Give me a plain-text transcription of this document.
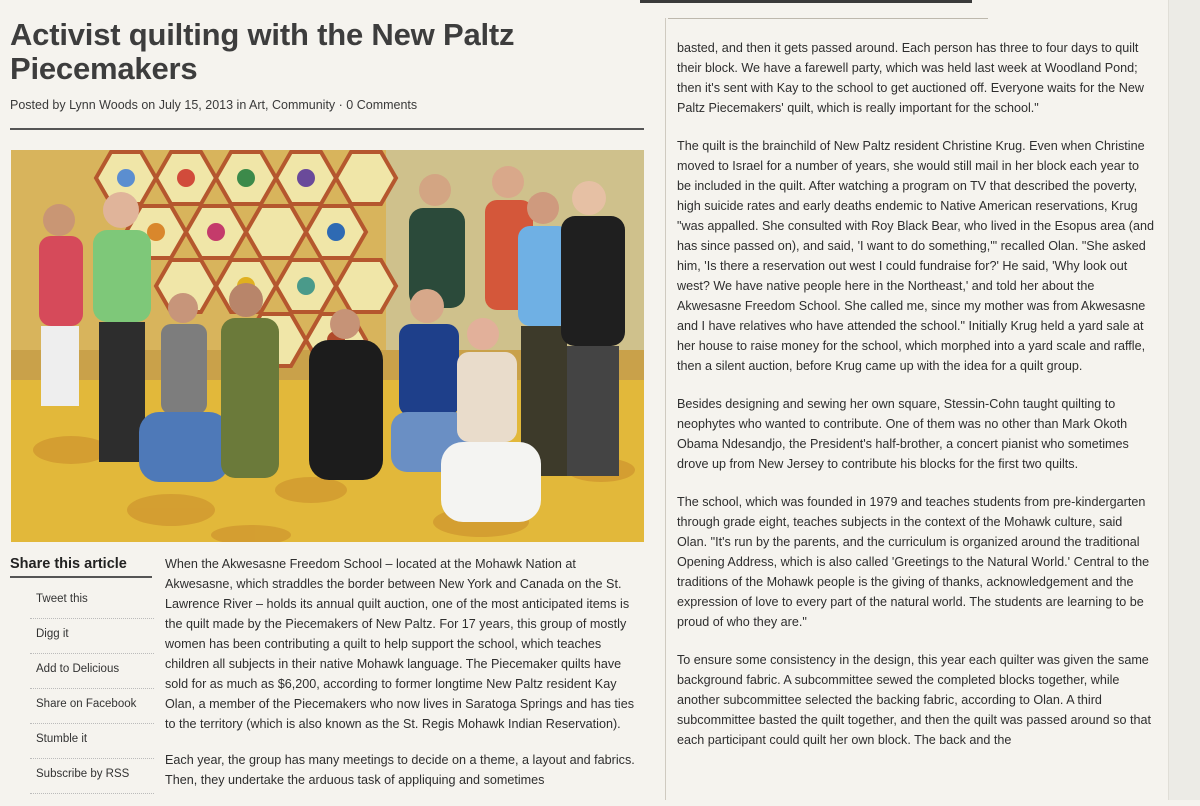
Activist quilting with the New Paltz Piecemakers
Posted by Lynn Woods on July 15, 2013 in Art, Community · 0 Comments
Share this article
Tweet this
Digg it
Add to Delicious
Share on Facebook
Stumble it
Subscribe by RSS

When the Akwesasne Freedom School – located at the Mohawk Nation at Akwesasne, which straddles the border between New York and Canada on the St. Lawrence River – holds its annual quilt auction, one of the most anticipated items is the quilt made by the Piecemakers of New Paltz. For 17 years, this group of mostly women has been contributing a quilt to help support the school, which teaches children all subjects in their native Mohawk language. The Piecemaker quilts have sold for as much as $6,200, according to former longtime New Paltz resident Kay Olan, a member of the Piecemakers who now lives in Saratoga Springs and has ties to the territory (which is also known as the St. Regis Mohawk Indian Reservation).

Each year, the group has many meetings to decide on a theme, a layout and fabrics. Then, they undertake the arduous task of appliquing and sometimes

basted, and then it gets passed around. Each person has three to four days to quilt their block. We have a farewell party, which was held last week at Woodland Pond; then it's sent with Kay to the school to get auctioned off. Everyone waits for the New Paltz Piecemakers' quilt, which is really important for the school."

The quilt is the brainchild of New Paltz resident Christine Krug. Even when Christine moved to Israel for a number of years, she would still mail in her block each year to be included in the quilt. After watching a program on TV that described the poverty, high suicide rates and early deaths endemic to Native American reservations, Krug "was appalled. She consulted with Roy Black Bear, who lived in the Esopus area (and has since passed on), and said, 'I want to do something,'" recalled Olan. "She asked him, 'Is there a reservation out west I could fundraise for?' He said, 'Why look out west? We have native people here in the Northeast,' and told her about the Akwesasne Freedom School. She called me, since my mother was from Akwesasne and I have relatives who have attended the school." Initially Krug held a yard sale at her house to raise money for the school, which morphed into a yard scale and raffle, then a silent auction, before Krug came up with the idea for a quilt group.

Besides designing and sewing her own square, Stessin-Cohn taught quilting to neophytes who wanted to contribute. One of them was no other than Mark Okoth Obama Ndesandjo, the President's half-brother, a concert pianist who sometimes drove up from New Jersey to contribute his blocks for the first two quilts.

The school, which was founded in 1979 and teaches students from pre-kindergarten through grade eight, teaches subjects in the context of the Mohawk culture, said Olan. "It's run by the parents, and the curriculum is organized around the traditional Opening Address, which is also called 'Greetings to the Natural World.' Central to the traditions of the Mohawk people is the giving of thanks, acknowledgement and the expression of love to every part of the natural world. The students are learning to be proud of who they are."

To ensure some consistency in the design, this year each quilter was given the same background fabric. A subcommittee sewed the completed blocks together, while another subcommittee selected the backing fabric, according to Olan. A third subcommittee basted the quilt together, and then the quilt was passed around so that each participant could quilt her own block. The back and the
